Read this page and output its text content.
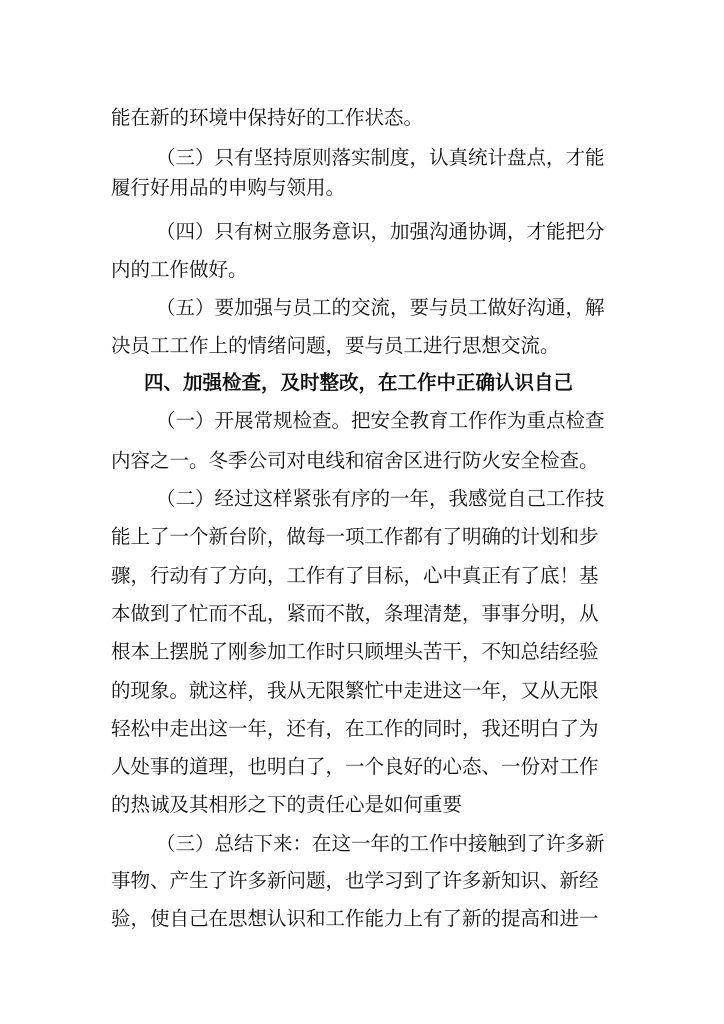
能在新的环境中保持好的工作状态。
（三）只有坚持原则落实制度，认真统计盘点，才能
履行好用品的申购与领用。
（四）只有树立服务意识，加强沟通协调，才能把分
内的工作做好。
（五）要加强与员工的交流，要与员工做好沟通，解
决员工工作上的情绪问题，要与员工进行思想交流。
四、加强检查，及时整改，在工作中正确认识自己
（一）开展常规检查。把安全教育工作作为重点检查
内容之一。冬季公司对电线和宿舍区进行防火安全检查。
（二）经过这样紧张有序的一年，我感觉自己工作技
能上了一个新台阶，做每一项工作都有了明确的计划和步
骤，行动有了方向，工作有了目标，心中真正有了底！基
本做到了忙而不乱，紧而不散，条理清楚，事事分明，从
根本上摆脱了刚参加工作时只顾埋头苦干，不知总结经验
的现象。就这样，我从无限繁忙中走进这一年，又从无限
轻松中走出这一年，还有，在工作的同时，我还明白了为
人处事的道理，也明白了，一个良好的心态、一份对工作
的热诚及其相形之下的责任心是如何重要
（三）总结下来：在这一年的工作中接触到了许多新
事物、产生了许多新问题，也学习到了许多新知识、新经
验，使自己在思想认识和工作能力上有了新的提高和进一
